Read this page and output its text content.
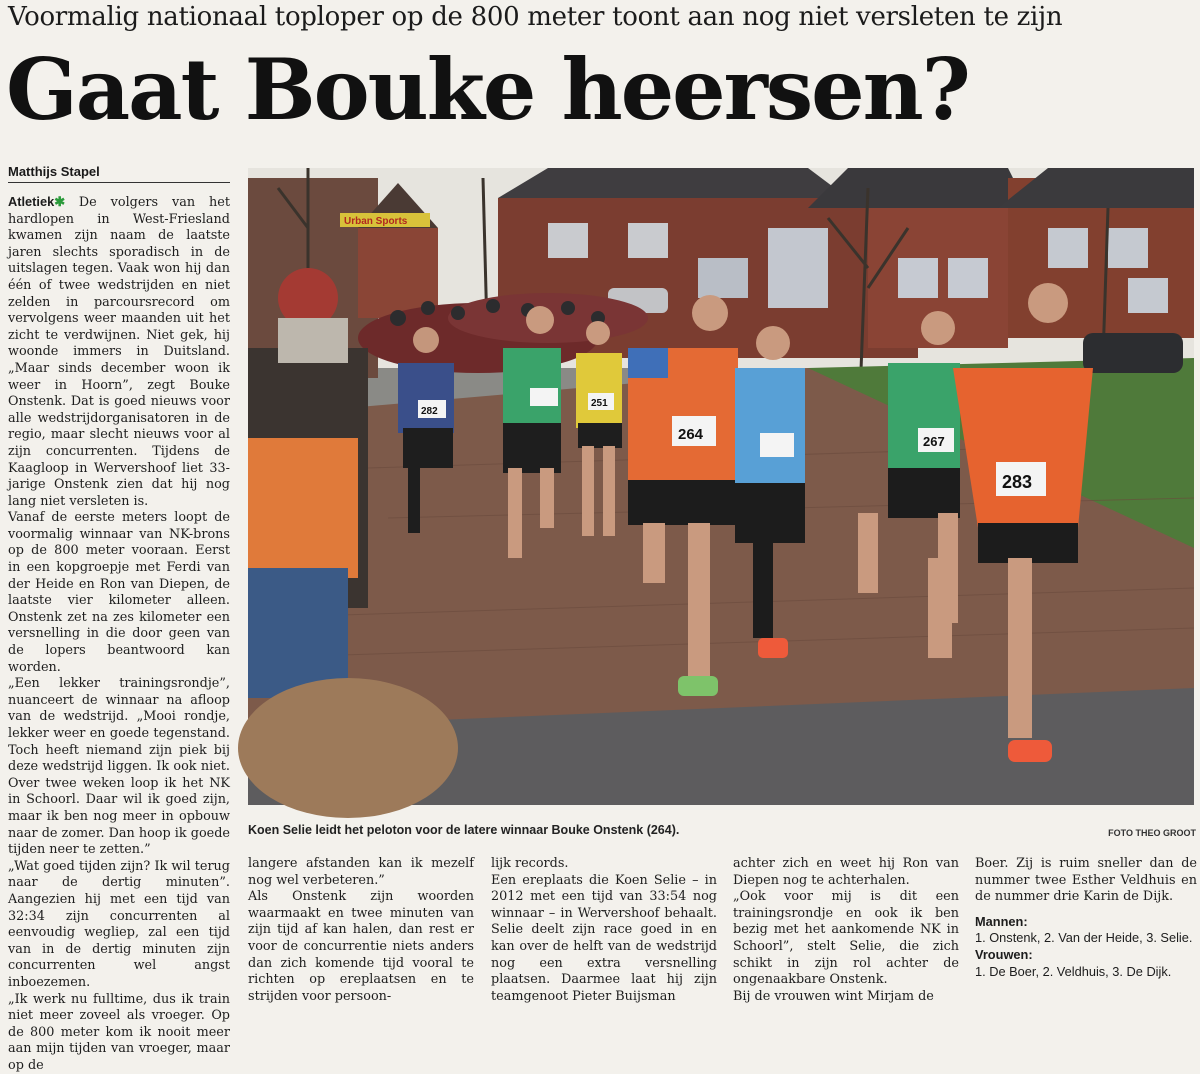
Voormalig nationaal toploper op de 800 meter toont aan nog niet versleten te zijn
Gaat Bouke heersen?
Matthijs Stapel

Atletiek✱ De volgers van het hardlopen in West-Friesland kwamen zijn naam de laatste jaren slechts sporadisch in de uitslagen tegen. Vaak won hij dan één of twee wedstrijden en niet zelden in parcoursrecord om vervolgens weer maanden uit het zicht te verdwijnen. Niet gek, hij woonde immers in Duitsland. „Maar sinds december woon ik weer in Hoorn”, zegt Bouke Onstenk. Dat is goed nieuws voor alle wedstrijdorganisatoren in de regio, maar slecht nieuws voor al zijn concurrenten. Tijdens de Kaagloop in Wervershoof liet 33-jarige Onstenk zien dat hij nog lang niet versleten is.

Vanaf de eerste meters loopt de voormalig winnaar van NK-brons op de 800 meter vooraan. Eerst in een kopgroepje met Ferdi van der Heide en Ron van Diepen, de laatste vier kilometer alleen. Onstenk zet na zes kilometer een versnelling in die door geen van de lopers beantwoord kan worden.

„Een lekker trainingsrondje”, nuanceert de winnaar na afloop van de wedstrijd. „Mooi rondje, lekker weer en goede tegenstand. Toch heeft niemand zijn piek bij deze wedstrijd liggen. Ik ook niet. Over twee weken loop ik het NK in Schoorl. Daar wil ik goed zijn, maar ik ben nog meer in opbouw naar de zomer. Dan hoop ik goede tijden neer te zetten.”

„Wat goed tijden zijn? Ik wil terug naar de dertig minuten”. Aangezien hij met een tijd van 32:34 zijn concurrenten al eenvoudig wegliep, zal een tijd van in de dertig minuten zijn concurrenten wel angst inboezemen.

„Ik werk nu fulltime, dus ik train niet meer zoveel als vroeger. Op de 800 meter kom ik nooit meer aan mijn tijden van vroeger, maar op de

Urban Sports
282
251
264	267
283
Koen Selie leidt het peloton voor de latere winnaar Bouke Onstenk (264).	FOTO THEO GROOT

langere afstanden kan ik mezelf nog wel verbeteren.”

Als Onstenk zijn woorden waarmaakt en twee minuten van zijn tijd af kan halen, dan rest er voor de concurrentie niets anders dan zich komende tijd vooral te richten op ereplaatsen en te strijden voor persoon-

lijk records.

Een ereplaats die Koen Selie – in 2012 met een tijd van 33:54 nog winnaar – in Wervershoof behaalt. Selie deelt zijn race goed in en kan over de helft van de wedstrijd nog een extra versnelling plaatsen. Daarmee laat hij zijn teamgenoot Pieter Buijsman

achter zich en weet hij Ron van Diepen nog te achterhalen.

„Ook voor mij is dit een trainingsrondje en ook ik ben bezig met het aankomende NK in Schoorl”, stelt Selie, die zich schikt in zijn rol achter de ongenaakbare Onstenk.

Bij de vrouwen wint Mirjam de

Boer. Zij is ruim sneller dan de nummer twee Esther Veldhuis en de nummer drie Karin de Dijk.

Mannen:

1. Onstenk, 2. Van der Heide, 3. Selie.

Vrouwen:

1. De Boer, 2. Veldhuis, 3. De Dijk.
